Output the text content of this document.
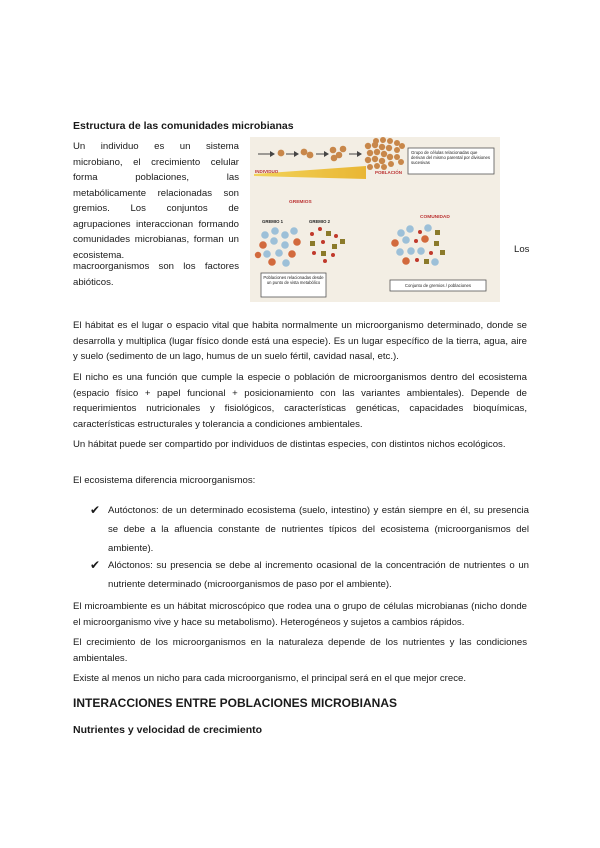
Estructura de las comunidades microbianas

Un individuo es un sistema microbiano, el crecimiento celular forma poblaciones, las metabólicamente relacionadas son gremios. Los conjuntos de agrupaciones interaccionan formando comunidades microbianas, forman un ecosistema.	Los

macroorganismos son los factores abióticos.

INDIVIDUO	POBLACIÓN
Grupo de células relacionadas que derivan del mismo parental por divisiones sucesivas
GREMIOS
GREMIO 1	GREMIO 2
COMUNIDAD
Poblaciones relacionadas desde un punto de vista metabólico
Conjunto de gremios / poblaciones

El hábitat es el lugar o espacio vital que habita normalmente un microorganismo determinado, donde se desarrolla y multiplica (lugar físico donde está una especie). Es un lugar específico de la tierra, agua, aire y suelo (sedimento de un lago, humus de un suelo fértil, cavidad nasal, etc.).

El nicho es una función que cumple la especie o población de microorganismos dentro del ecosistema (espacio físico + papel funcional + posicionamiento con las variantes ambientales). Depende de requerimientos nutricionales y fisiológicos, características genéticas, capacidades bioquímicas, características estructurales y tolerancia a condiciones ambientales.

Un hábitat puede ser compartido por individuos de distintas especies, con distintos nichos ecológicos.

El ecosistema diferencia microorganismos:

✔ Autóctonos: de un determinado ecosistema (suelo, intestino) y están siempre en él, su presencia se debe a la afluencia constante de nutrientes típicos del ecosistema (microorganismos del ambiente).
✔ Alóctonos: su presencia se debe al incremento ocasional de la concentración de nutrientes o un nutriente determinado (microorganismos de paso por el ambiente).

El microambiente es un hábitat microscópico que rodea una o grupo de células microbianas (nicho donde el microorganismo vive y hace su metabolismo). Heterogéneos y sujetos a cambios rápidos.

El crecimiento de los microorganismos en la naturaleza depende de los nutrientes y las condiciones ambientales.

Existe al menos un nicho para cada microorganismo, el principal será en el que mejor crece.

INTERACCIONES ENTRE POBLACIONES MICROBIANAS
Nutrientes y velocidad de crecimiento
